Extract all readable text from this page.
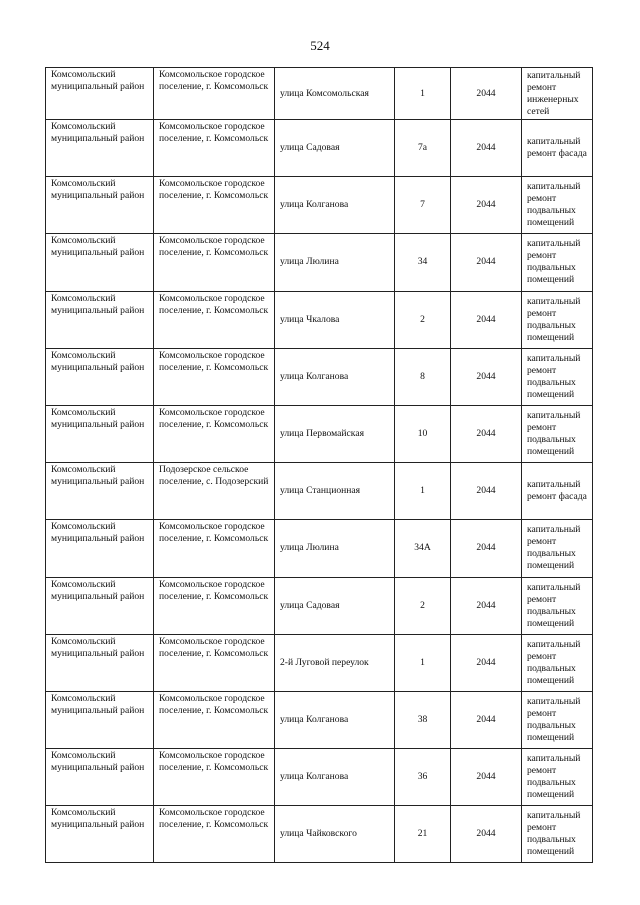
524
Комсомольский муниципальный район	Комсомольское городское поселение, г. Комсомольск	улица Комсомольская	1	2044	капитальный ремонт инженерных сетей
Комсомольский муниципальный район	Комсомольское городское поселение, г. Комсомольск	улица Садовая	7а	2044	капитальный ремонт фасада
Комсомольский муниципальный район	Комсомольское городское поселение, г. Комсомольск	улица Колганова	7	2044	капитальный ремонт подвальных помещений
Комсомольский муниципальный район	Комсомольское городское поселение, г. Комсомольск	улица Люлина	34	2044	капитальный ремонт подвальных помещений
Комсомольский муниципальный район	Комсомольское городское поселение, г. Комсомольск	улица Чкалова	2	2044	капитальный ремонт подвальных помещений
Комсомольский муниципальный район	Комсомольское городское поселение, г. Комсомольск	улица Колганова	8	2044	капитальный ремонт подвальных помещений
Комсомольский муниципальный район	Комсомольское городское поселение, г. Комсомольск	улица Первомайская	10	2044	капитальный ремонт подвальных помещений
Комсомольский муниципальный район	Подозерское сельское поселение, с. Подозерский	улица Станционная	1	2044	капитальный ремонт фасада
Комсомольский муниципальный район	Комсомольское городское поселение, г. Комсомольск	улица Люлина	34А	2044	капитальный ремонт подвальных помещений
Комсомольский муниципальный район	Комсомольское городское поселение, г. Комсомольск	улица Садовая	2	2044	капитальный ремонт подвальных помещений
Комсомольский муниципальный район	Комсомольское городское поселение, г. Комсомольск	2-й Луговой переулок	1	2044	капитальный ремонт подвальных помещений
Комсомольский муниципальный район	Комсомольское городское поселение, г. Комсомольск	улица Колганова	38	2044	капитальный ремонт подвальных помещений
Комсомольский муниципальный район	Комсомольское городское поселение, г. Комсомольск	улица Колганова	36	2044	капитальный ремонт подвальных помещений
Комсомольский муниципальный район	Комсомольское городское поселение, г. Комсомольск	улица Чайковского	21	2044	капитальный ремонт подвальных помещений
